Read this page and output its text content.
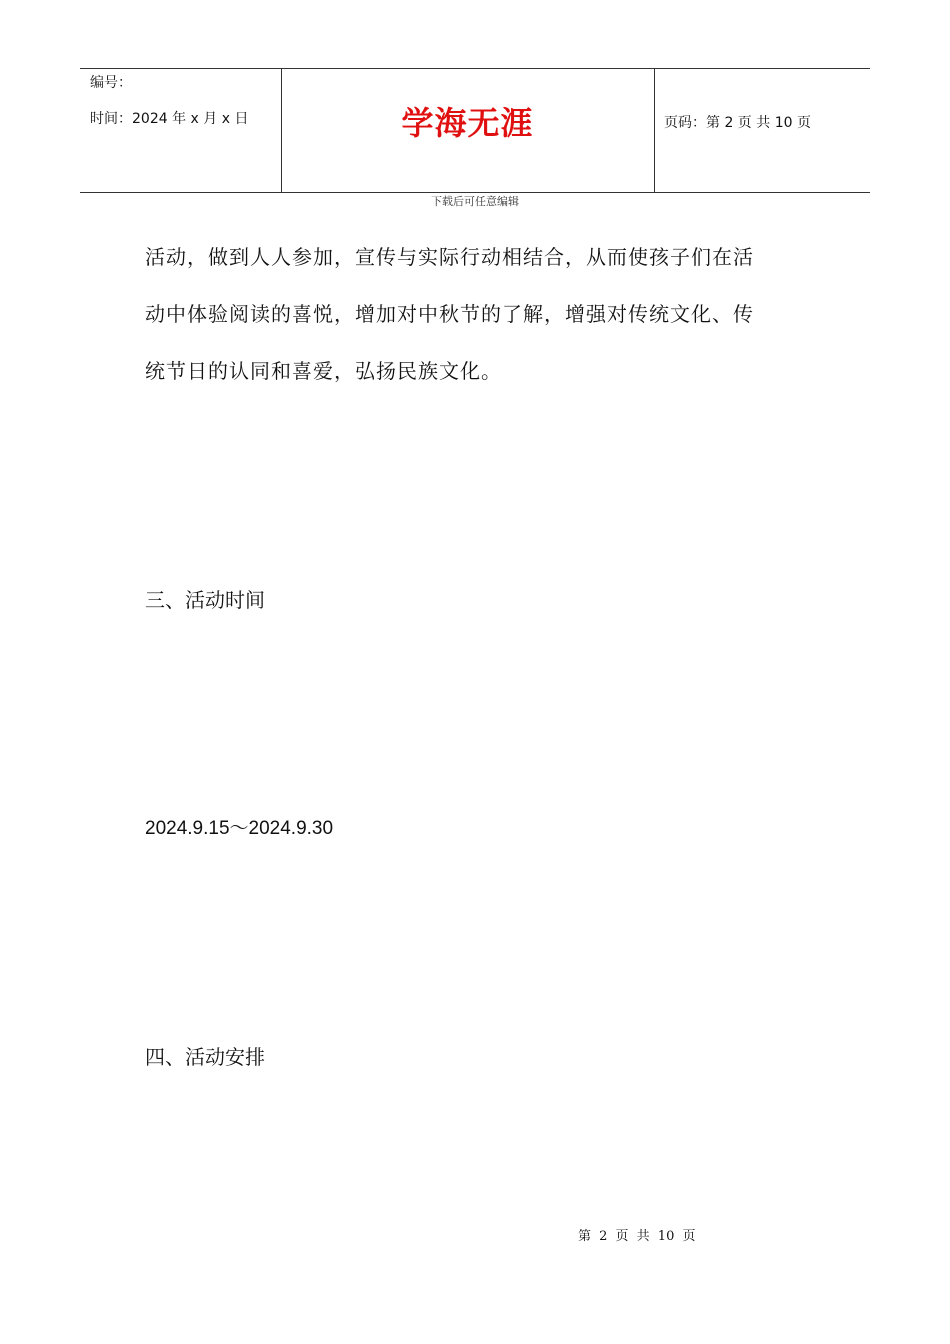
编号：
时间：2024 年 x 月 x 日	学海无涯	页码：第 2 页 共 10 页
下载后可任意编辑
活动，做到人人参加，宣传与实际行动相结合，从而使孩子们在活
动中体验阅读的喜悦，增加对中秋节的了解，增强对传统文化、传
统节日的认同和喜爱，弘扬民族文化。
三、活动时间
2024.9.15～2024.9.30
四、活动安排
第 2 页 共 10 页
